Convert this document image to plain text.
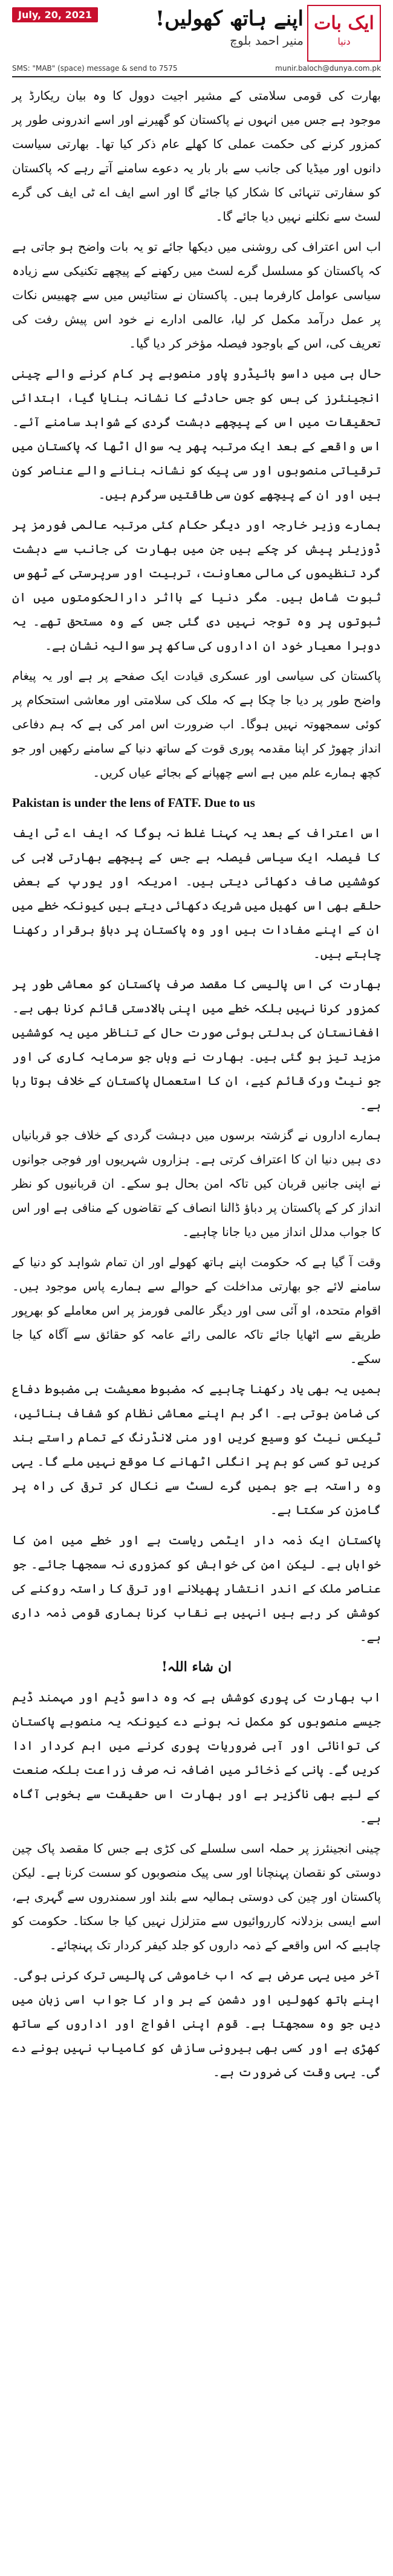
ایک بات
دنیا
اپنے ہاتھ کھولیں!
منیر احمد بلوچ
July, 20, 2021
SMS: "MAB" (space) message & send to 7575	munir.baloch@dunya.com.pk

بھارت کی قومی سلامتی کے مشیر اجیت دوول کا وہ بیان ریکارڈ پر موجود ہے جس میں انہوں نے پاکستان کو گھیرنے اور اسے اندرونی طور پر کمزور کرنے کی حکمت عملی کا کھلے عام ذکر کیا تھا۔ بھارتی سیاست دانوں اور میڈیا کی جانب سے بار بار یہ دعوے سامنے آتے رہے کہ پاکستان کو سفارتی تنہائی کا شکار کیا جائے گا اور اسے ایف اے ٹی ایف کی گرے لسٹ سے نکلنے نہیں دیا جائے گا۔

اب اس اعتراف کی روشنی میں دیکھا جائے تو یہ بات واضح ہو جاتی ہے کہ پاکستان کو مسلسل گرے لسٹ میں رکھنے کے پیچھے تکنیکی سے زیادہ سیاسی عوامل کارفرما ہیں۔ پاکستان نے ستائیس میں سے چھبیس نکات پر عمل درآمد مکمل کر لیا، عالمی ادارے نے خود اس پیش رفت کی تعریف کی، اس کے باوجود فیصلہ مؤخر کر دیا گیا۔

حال ہی میں داسو ہائیڈرو پاور منصوبے پر کام کرنے والے چینی انجینئرز کی بس کو جس حادثے کا نشانہ بنایا گیا، ابتدائی تحقیقات میں اس کے پیچھے دہشت گردی کے شواہد سامنے آئے۔ اس واقعے کے بعد ایک مرتبہ پھر یہ سوال اٹھا کہ پاکستان میں ترقیاتی منصوبوں اور سی پیک کو نشانہ بنانے والے عناصر کون ہیں اور ان کے پیچھے کون سی طاقتیں سرگرم ہیں۔

ہمارے وزیر خارجہ اور دیگر حکام کئی مرتبہ عالمی فورمز پر ڈوزیئر پیش کر چکے ہیں جن میں بھارت کی جانب سے دہشت گرد تنظیموں کی مالی معاونت، تربیت اور سرپرستی کے ٹھوس ثبوت شامل ہیں۔ مگر دنیا کے بااثر دارالحکومتوں میں ان ثبوتوں پر وہ توجہ نہیں دی گئی جس کے وہ مستحق تھے۔ یہ دوہرا معیار خود ان اداروں کی ساکھ پر سوالیہ نشان ہے۔

پاکستان کی سیاسی اور عسکری قیادت ایک صفحے پر ہے اور یہ پیغام واضح طور پر دیا جا چکا ہے کہ ملک کی سلامتی اور معاشی استحکام پر کوئی سمجھوتہ نہیں ہوگا۔ اب ضرورت اس امر کی ہے کہ ہم دفاعی انداز چھوڑ کر اپنا مقدمہ پوری قوت کے ساتھ دنیا کے سامنے رکھیں اور جو کچھ ہمارے علم میں ہے اسے چھپانے کے بجائے عیاں کریں۔

Pakistan is under the lens of FATF. Due to us

اس اعتراف کے بعد یہ کہنا غلط نہ ہوگا کہ ایف اے ٹی ایف کا فیصلہ ایک سیاسی فیصلہ ہے جس کے پیچھے بھارتی لابی کی کوششیں صاف دکھائی دیتی ہیں۔ امریکہ اور یورپ کے بعض حلقے بھی اس کھیل میں شریک دکھائی دیتے ہیں کیونکہ خطے میں ان کے اپنے مفادات ہیں اور وہ پاکستان پر دباؤ برقرار رکھنا چاہتے ہیں۔

بھارت کی اس پالیسی کا مقصد صرف پاکستان کو معاشی طور پر کمزور کرنا نہیں بلکہ خطے میں اپنی بالادستی قائم کرنا بھی ہے۔ افغانستان کی بدلتی ہوئی صورت حال کے تناظر میں یہ کوششیں مزید تیز ہو گئی ہیں۔ بھارت نے وہاں جو سرمایہ کاری کی اور جو نیٹ ورک قائم کیے، ان کا استعمال پاکستان کے خلاف ہوتا رہا ہے۔

ہمارے اداروں نے گزشتہ برسوں میں دہشت گردی کے خلاف جو قربانیاں دی ہیں دنیا ان کا اعتراف کرتی ہے۔ ہزاروں شہریوں اور فوجی جوانوں نے اپنی جانیں قربان کیں تاکہ امن بحال ہو سکے۔ ان قربانیوں کو نظر انداز کر کے پاکستان پر دباؤ ڈالنا انصاف کے تقاضوں کے منافی ہے اور اس کا جواب مدلل انداز میں دیا جانا چاہیے۔

وقت آ گیا ہے کہ حکومت اپنے ہاتھ کھولے اور ان تمام شواہد کو دنیا کے سامنے لائے جو بھارتی مداخلت کے حوالے سے ہمارے پاس موجود ہیں۔ اقوام متحدہ، او آئی سی اور دیگر عالمی فورمز پر اس معاملے کو بھرپور طریقے سے اٹھایا جائے تاکہ عالمی رائے عامہ کو حقائق سے آگاہ کیا جا سکے۔

ہمیں یہ بھی یاد رکھنا چاہیے کہ مضبوط معیشت ہی مضبوط دفاع کی ضامن ہوتی ہے۔ اگر ہم اپنے معاشی نظام کو شفاف بنائیں، ٹیکس نیٹ کو وسیع کریں اور منی لانڈرنگ کے تمام راستے بند کریں تو کسی کو ہم پر انگلی اٹھانے کا موقع نہیں ملے گا۔ یہی وہ راستہ ہے جو ہمیں گرے لسٹ سے نکال کر ترقی کی راہ پر گامزن کر سکتا ہے۔

پاکستان ایک ذمہ دار ایٹمی ریاست ہے اور خطے میں امن کا خواہاں ہے۔ لیکن امن کی خواہش کو کمزوری نہ سمجھا جائے۔ جو عناصر ملک کے اندر انتشار پھیلانے اور ترقی کا راستہ روکنے کی کوشش کر رہے ہیں انہیں بے نقاب کرنا ہماری قومی ذمہ داری ہے۔

ان شاء اللہ!

اب بھارت کی پوری کوشش ہے کہ وہ داسو ڈیم اور مہمند ڈیم جیسے منصوبوں کو مکمل نہ ہونے دے کیونکہ یہ منصوبے پاکستان کی توانائی اور آبی ضروریات پوری کرنے میں اہم کردار ادا کریں گے۔ پانی کے ذخائر میں اضافہ نہ صرف زراعت بلکہ صنعت کے لیے بھی ناگزیر ہے اور بھارت اس حقیقت سے بخوبی آگاہ ہے۔

چینی انجینئرز پر حملہ اسی سلسلے کی کڑی ہے جس کا مقصد پاک چین دوستی کو نقصان پہنچانا اور سی پیک منصوبوں کو سست کرنا ہے۔ لیکن پاکستان اور چین کی دوستی ہمالیہ سے بلند اور سمندروں سے گہری ہے، اسے ایسی بزدلانہ کارروائیوں سے متزلزل نہیں کیا جا سکتا۔ حکومت کو چاہیے کہ اس واقعے کے ذمہ داروں کو جلد کیفر کردار تک پہنچائے۔

آخر میں یہی عرض ہے کہ اب خاموشی کی پالیسی ترک کرنی ہوگی۔ اپنے ہاتھ کھولیں اور دشمن کے ہر وار کا جواب اسی زبان میں دیں جو وہ سمجھتا ہے۔ قوم اپنی افواج اور اداروں کے ساتھ کھڑی ہے اور کسی بھی بیرونی سازش کو کامیاب نہیں ہونے دے گی۔ یہی وقت کی ضرورت ہے۔
